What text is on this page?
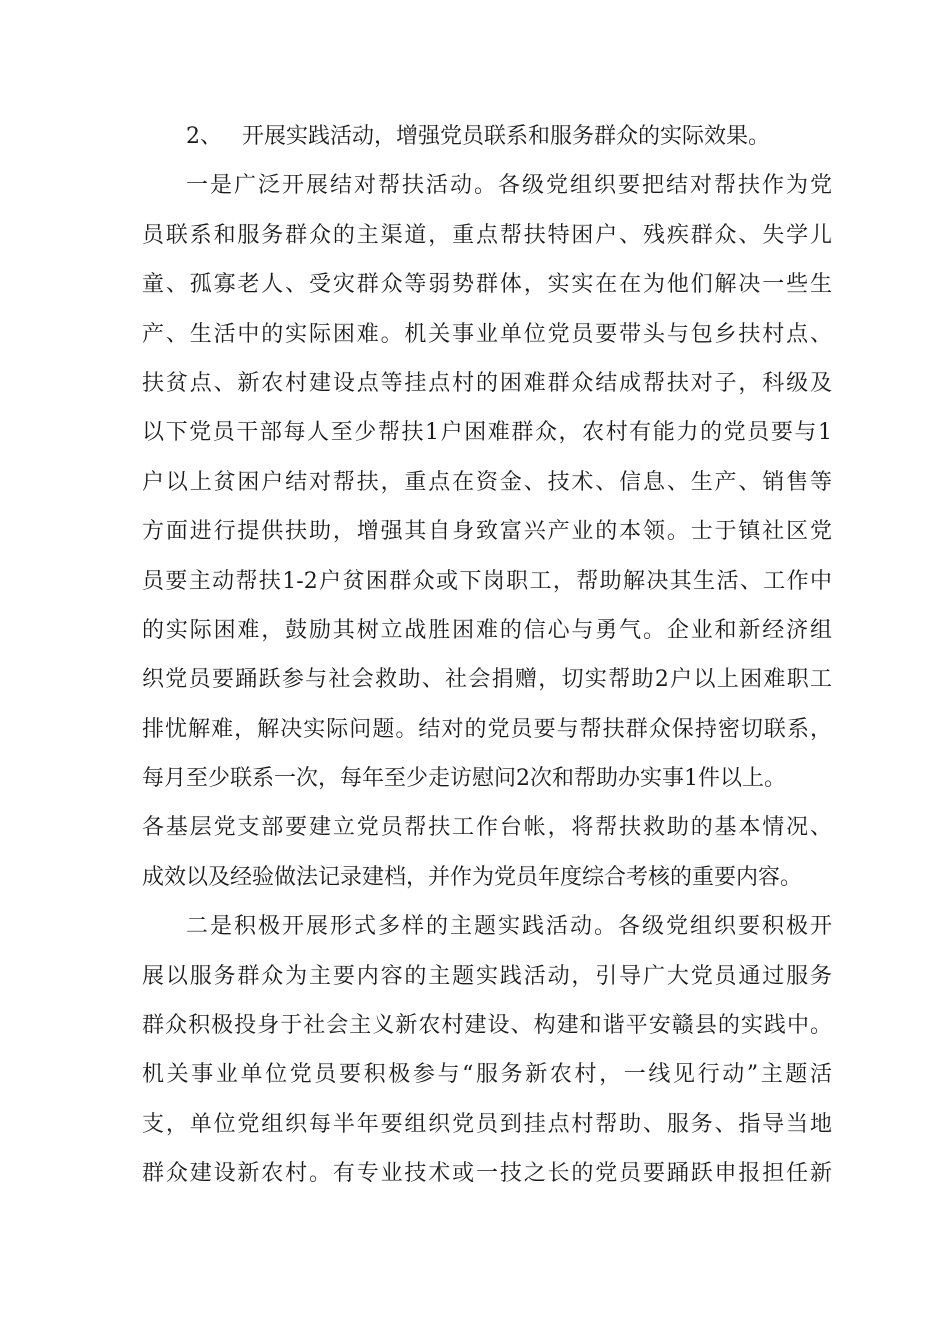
2、 开展实践活动，增强党员联系和服务群众的实际效果。
一是广泛开展结对帮扶活动。各级党组织要把结对帮扶作为党
员联系和服务群众的主渠道，重点帮扶特困户、残疾群众、失学儿
童、孤寡老人、受灾群众等弱势群体，实实在在为他们解决一些生
产、生活中的实际困难。机关事业单位党员要带头与包乡扶村点、
扶贫点、新农村建设点等挂点村的困难群众结成帮扶对子，科级及
以下党员干部每人至少帮扶1户困难群众，农村有能力的党员要与1
户以上贫困户结对帮扶，重点在资金、技术、信息、生产、销售等
方面进行提供扶助，增强其自身致富兴产业的本领。士于镇社区党
员要主动帮扶1-2户贫困群众或下岗职工，帮助解决其生活、工作中
的实际困难，鼓励其树立战胜困难的信心与勇气。企业和新经济组
织党员要踊跃参与社会救助、社会捐赠，切实帮助2户以上困难职工
排忧解难，解决实际问题。结对的党员要与帮扶群众保持密切联系，
每月至少联系一次，每年至少走访慰问2次和帮助办实事1件以上。
各基层党支部要建立党员帮扶工作台帐，将帮扶救助的基本情况、
成效以及经验做法记录建档，并作为党员年度综合考核的重要内容。
二是积极开展形式多样的主题实践活动。各级党组织要积极开
展以服务群众为主要内容的主题实践活动，引导广大党员通过服务
群众积极投身于社会主义新农村建设、构建和谐平安赣县的实践中。
机关事业单位党员要积极参与“服务新农村，一线见行动”主题活
支，单位党组织每半年要组织党员到挂点村帮助、服务、指导当地
群众建设新农村。有专业技术或一技之长的党员要踊跃申报担任新
